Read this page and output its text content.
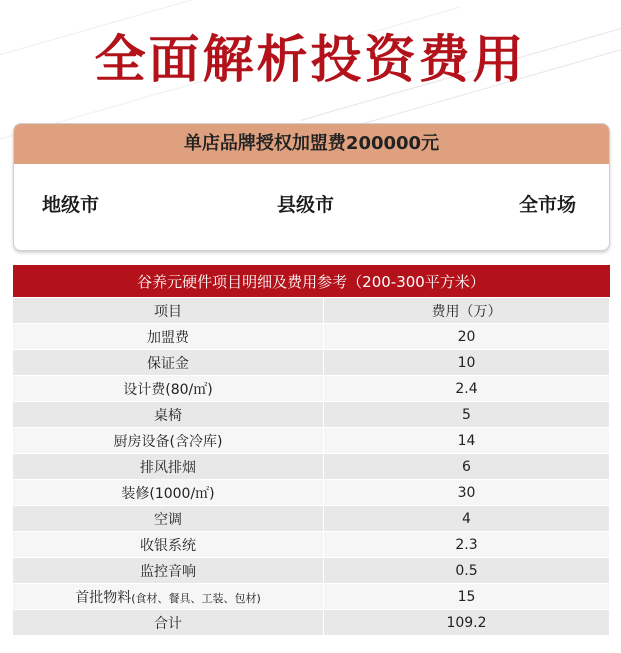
全面解析投资费用
单店品牌授权加盟费200000元
地级市	县级市	全市场
谷养元硬件项目明细及费用参考（200-300平方米）	
项目	费用（万）
加盟费	20
保证金	10
设计费(80/㎡)	2.4
桌椅	5
厨房设备(含冷库)	14
排风排烟	6
装修(1000/㎡)	30
空调	4
收银系统	2.3
监控音响	0.5
首批物料(食材、餐具、工装、包材)	15
合计	109.2
